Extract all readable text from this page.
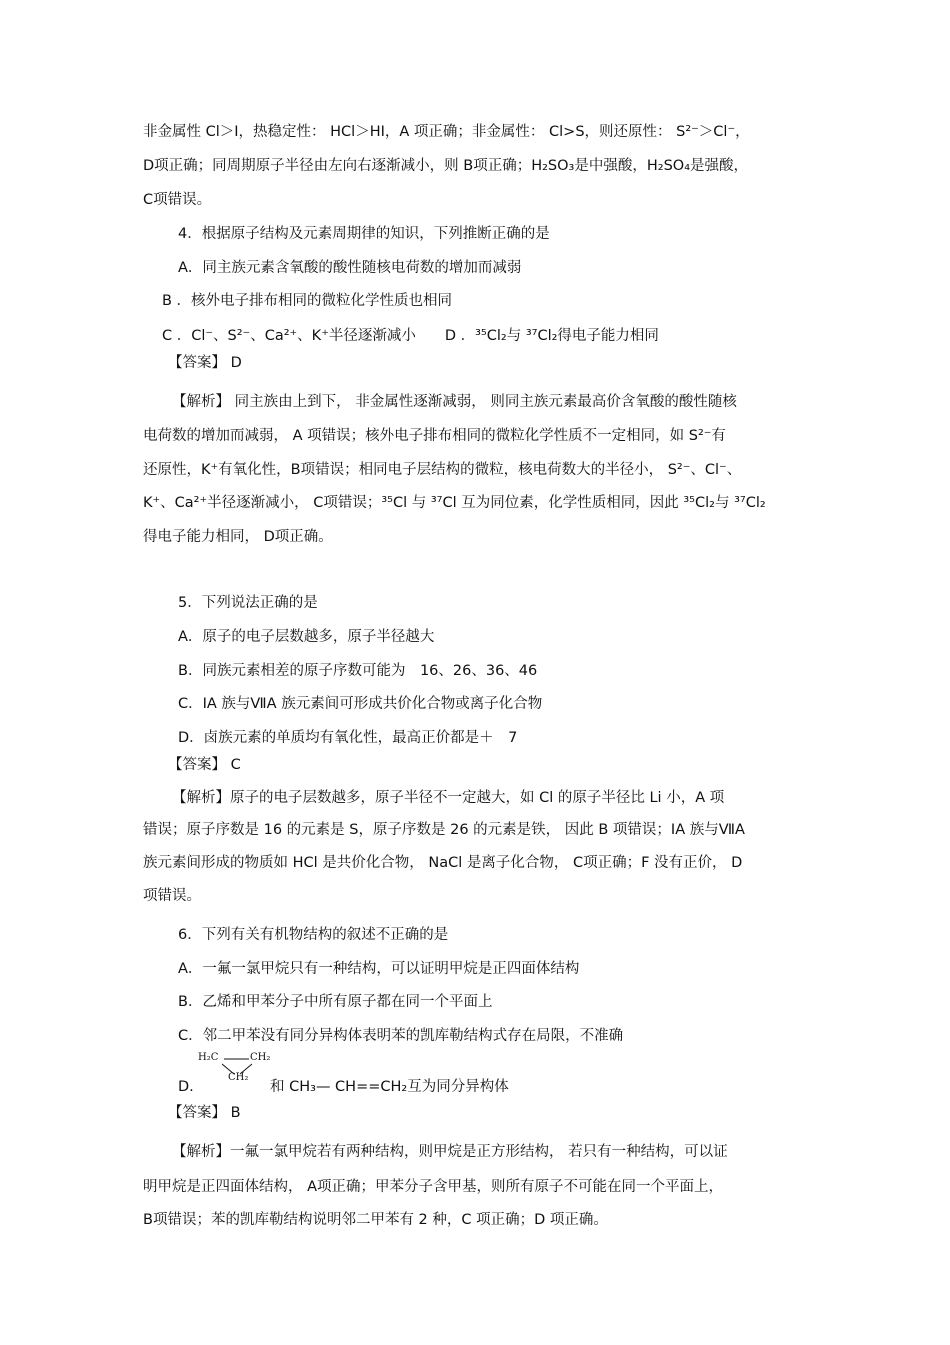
非金属性 Cl＞I，热稳定性： HCl＞HI，A 项正确；非金属性： Cl>S，则还原性： S²⁻＞Cl⁻，
D项正确；同周期原子半径由左向右逐渐减小，则 B项正确；H₂SO₃是中强酸，H₂SO₄是强酸，
C项错误。
4．根据原子结构及元素周期律的知识，下列推断正确的是
A．同主族元素含氧酸的酸性随核电荷数的增加而减弱
B ．核外电子排布相同的微粒化学性质也相同
C ．Cl⁻、S²⁻、Ca²⁺、K⁺半径逐渐减小　　D ．³⁵Cl₂与 ³⁷Cl₂得电子能力相同
【答案】 D
【解析】 同主族由上到下， 非金属性逐渐减弱， 则同主族元素最高价含氧酸的酸性随核
电荷数的增加而减弱， A 项错误；核外电子排布相同的微粒化学性质不一定相同，如 S²⁻有
还原性，K⁺有氧化性，B项错误；相同电子层结构的微粒，核电荷数大的半径小， S²⁻、Cl⁻、
K⁺、Ca²⁺半径逐渐减小， C项错误；³⁵Cl 与 ³⁷Cl 互为同位素，化学性质相同，因此 ³⁵Cl₂与 ³⁷Cl₂
得电子能力相同， D项正确。
5．下列说法正确的是
A．原子的电子层数越多，原子半径越大
B．同族元素相差的原子序数可能为　16、26、36、46
C．ⅠA 族与ⅦA 族元素间可形成共价化合物或离子化合物
D．卤族元素的单质均有氧化性，最高正价都是＋　7
【答案】 C
【解析】原子的电子层数越多，原子半径不一定越大，如 Cl 的原子半径比 Li 小，A 项
错误；原子序数是 16 的元素是 S，原子序数是 26 的元素是铁， 因此 B 项错误；ⅠA 族与ⅦA
族元素间形成的物质如 HCl 是共价化合物， NaCl 是离子化合物， C项正确；F 没有正价， D
项错误。
6．下列有关有机物结构的叙述不正确的是
A．一氟一氯甲烷只有一种结构，可以证明甲烷是正四面体结构
B．乙烯和甲苯分子中所有原子都在同一个平面上
C．邻二甲苯没有同分异构体表明苯的凯库勒结构式存在局限，不准确
H₂C	CH₂
CH₂
D.	和 CH₃— CH==CH₂互为同分异构体
【答案】 B
【解析】一氟一氯甲烷若有两种结构，则甲烷是正方形结构， 若只有一种结构，可以证
明甲烷是正四面体结构， A项正确；甲苯分子含甲基，则所有原子不可能在同一个平面上，
B项错误；苯的凯库勒结构说明邻二甲苯有 2 种，C 项正确；D 项正确。
